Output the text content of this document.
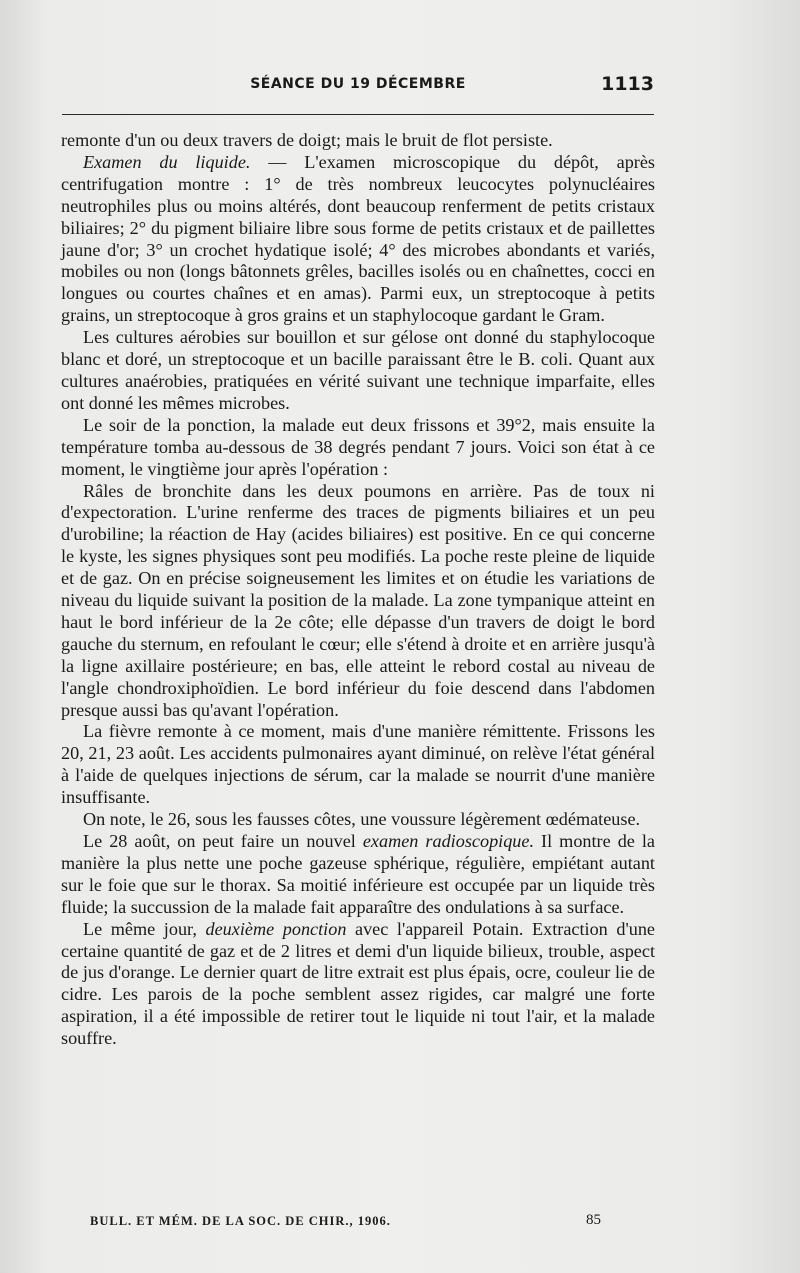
SÉANCE DU 19 DÉCEMBRE	1113

remonte d'un ou deux travers de doigt; mais le bruit de flot persiste.

Examen du liquide. — L'examen microscopique du dépôt, après centrifugation montre : 1° de très nombreux leucocytes polynucléaires neutrophiles plus ou moins altérés, dont beaucoup renferment de petits cristaux biliaires; 2° du pigment biliaire libre sous forme de petits cristaux et de paillettes jaune d'or; 3° un crochet hydatique isolé; 4° des microbes abondants et variés, mobiles ou non (longs bâtonnets grêles, bacilles isolés ou en chaînettes, cocci en longues ou courtes chaînes et en amas). Parmi eux, un streptocoque à petits grains, un streptocoque à gros grains et un staphylocoque gardant le Gram.

Les cultures aérobies sur bouillon et sur gélose ont donné du staphylocoque blanc et doré, un streptocoque et un bacille paraissant être le B. coli. Quant aux cultures anaérobies, pratiquées en vérité suivant une technique imparfaite, elles ont donné les mêmes microbes.

Le soir de la ponction, la malade eut deux frissons et 39°2, mais ensuite la température tomba au-dessous de 38 degrés pendant 7 jours. Voici son état à ce moment, le vingtième jour après l'opération :

Râles de bronchite dans les deux poumons en arrière. Pas de toux ni d'expectoration. L'urine renferme des traces de pigments biliaires et un peu d'urobiline; la réaction de Hay (acides biliaires) est positive. En ce qui concerne le kyste, les signes physiques sont peu modifiés. La poche reste pleine de liquide et de gaz. On en précise soigneusement les limites et on étudie les variations de niveau du liquide suivant la position de la malade. La zone tympanique atteint en haut le bord inférieur de la 2e côte; elle dépasse d'un travers de doigt le bord gauche du sternum, en refoulant le cœur; elle s'étend à droite et en arrière jusqu'à la ligne axillaire postérieure; en bas, elle atteint le rebord costal au niveau de l'angle chondroxiphoïdien. Le bord inférieur du foie descend dans l'abdomen presque aussi bas qu'avant l'opération.

La fièvre remonte à ce moment, mais d'une manière rémittente. Frissons les 20, 21, 23 août. Les accidents pulmonaires ayant diminué, on relève l'état général à l'aide de quelques injections de sérum, car la malade se nourrit d'une manière insuffisante.

On note, le 26, sous les fausses côtes, une voussure légèrement œdémateuse.

Le 28 août, on peut faire un nouvel examen radioscopique. Il montre de la manière la plus nette une poche gazeuse sphérique, régulière, empiétant autant sur le foie que sur le thorax. Sa moitié inférieure est occupée par un liquide très fluide; la succussion de la malade fait apparaître des ondulations à sa surface.

Le même jour, deuxième ponction avec l'appareil Potain. Extraction d'une certaine quantité de gaz et de 2 litres et demi d'un liquide bilieux, trouble, aspect de jus d'orange. Le dernier quart de litre extrait est plus épais, ocre, couleur lie de cidre. Les parois de la poche semblent assez rigides, car malgré une forte aspiration, il a été impossible de retirer tout le liquide ni tout l'air, et la malade souffre.

BULL. ET MÉM. DE LA SOC. DE CHIR., 1906.	85
